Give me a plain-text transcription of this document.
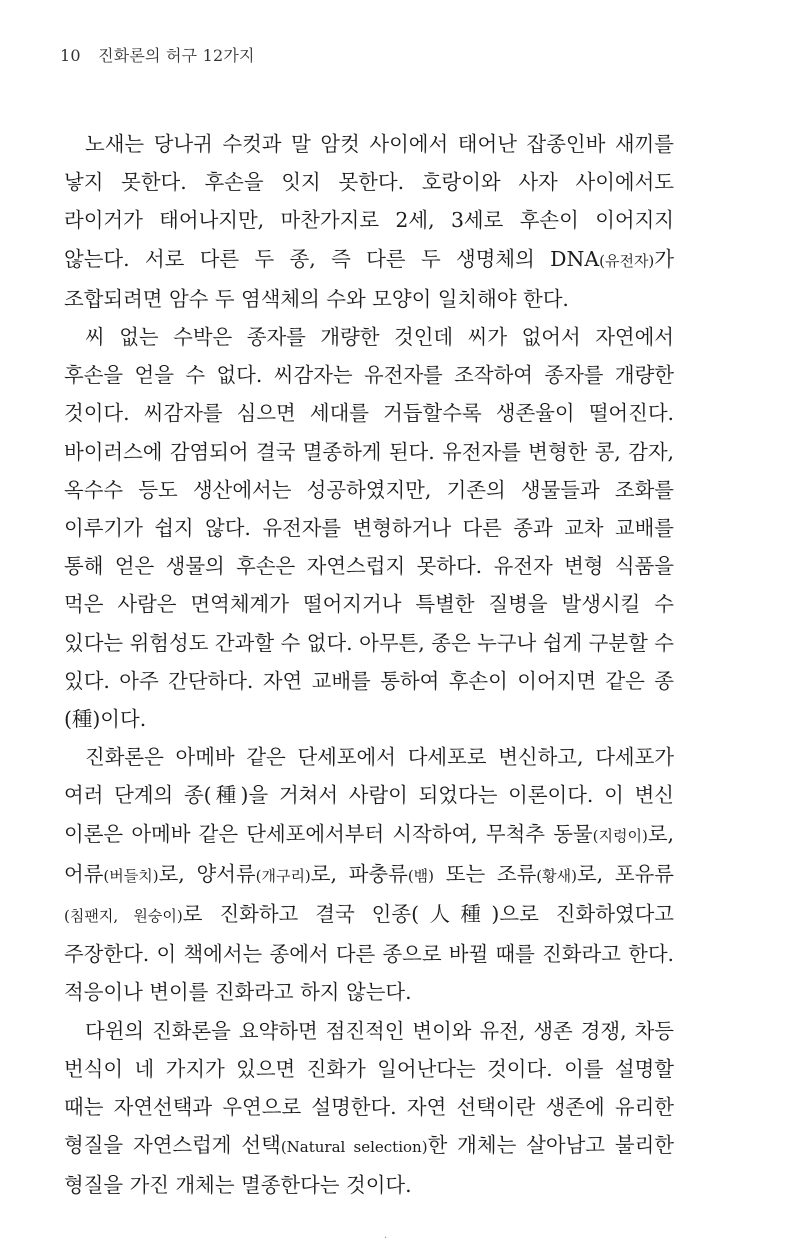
10 진화론의 허구 12가지

노새는 당나귀 수컷과 말 암컷 사이에서 태어난 잡종인바 새끼를 낳지 못한다. 후손을 잇지 못한다. 호랑이와 사자 사이에서도 라이거가 태어나지만, 마찬가지로 2세, 3세로 후손이 이어지지 않는다. 서로 다른 두 종, 즉 다른 두 생명체의 DNA(유전자)가 조합되려면 암수 두 염색체의 수와 모양이 일치해야 한다.

씨 없는 수박은 종자를 개량한 것인데 씨가 없어서 자연에서 후손을 얻을 수 없다. 씨감자는 유전자를 조작하여 종자를 개량한 것이다. 씨감자를 심으면 세대를 거듭할수록 생존율이 떨어진다. 바이러스에 감염되어 결국 멸종하게 된다. 유전자를 변형한 콩, 감자, 옥수수 등도 생산에서는 성공하였지만, 기존의 생물들과 조화를 이루기가 쉽지 않다. 유전자를 변형하거나 다른 종과 교차 교배를 통해 얻은 생물의 후손은 자연스럽지 못하다. 유전자 변형 식품을 먹은 사람은 면역체계가 떨어지거나 특별한 질병을 발생시킬 수 있다는 위험성도 간과할 수 없다. 아무튼, 종은 누구나 쉽게 구분할 수 있다. 아주 간단하다. 자연 교배를 통하여 후손이 이어지면 같은 종(種)이다.

진화론은 아메바 같은 단세포에서 다세포로 변신하고, 다세포가 여러 단계의 종(種)을 거쳐서 사람이 되었다는 이론이다. 이 변신 이론은 아메바 같은 단세포에서부터 시작하여, 무척추 동물(지렁이)로, 어류(버들치)로, 양서류(개구리)로, 파충류(뱀) 또는 조류(황새)로, 포유류(침팬지, 원숭이)로 진화하고 결국 인종(人種)으로 진화하였다고 주장한다. 이 책에서는 종에서 다른 종으로 바뀔 때를 진화라고 한다. 적응이나 변이를 진화라고 하지 않는다.

다윈의 진화론을 요약하면 점진적인 변이와 유전, 생존 경쟁, 차등 번식이 네 가지가 있으면 진화가 일어난다는 것이다. 이를 설명할 때는 자연선택과 우연으로 설명한다. 자연 선택이란 생존에 유리한 형질을 자연스럽게 선택(Natural selection)한 개체는 살아남고 불리한 형질을 가진 개체는 멸종한다는 것이다.

.
